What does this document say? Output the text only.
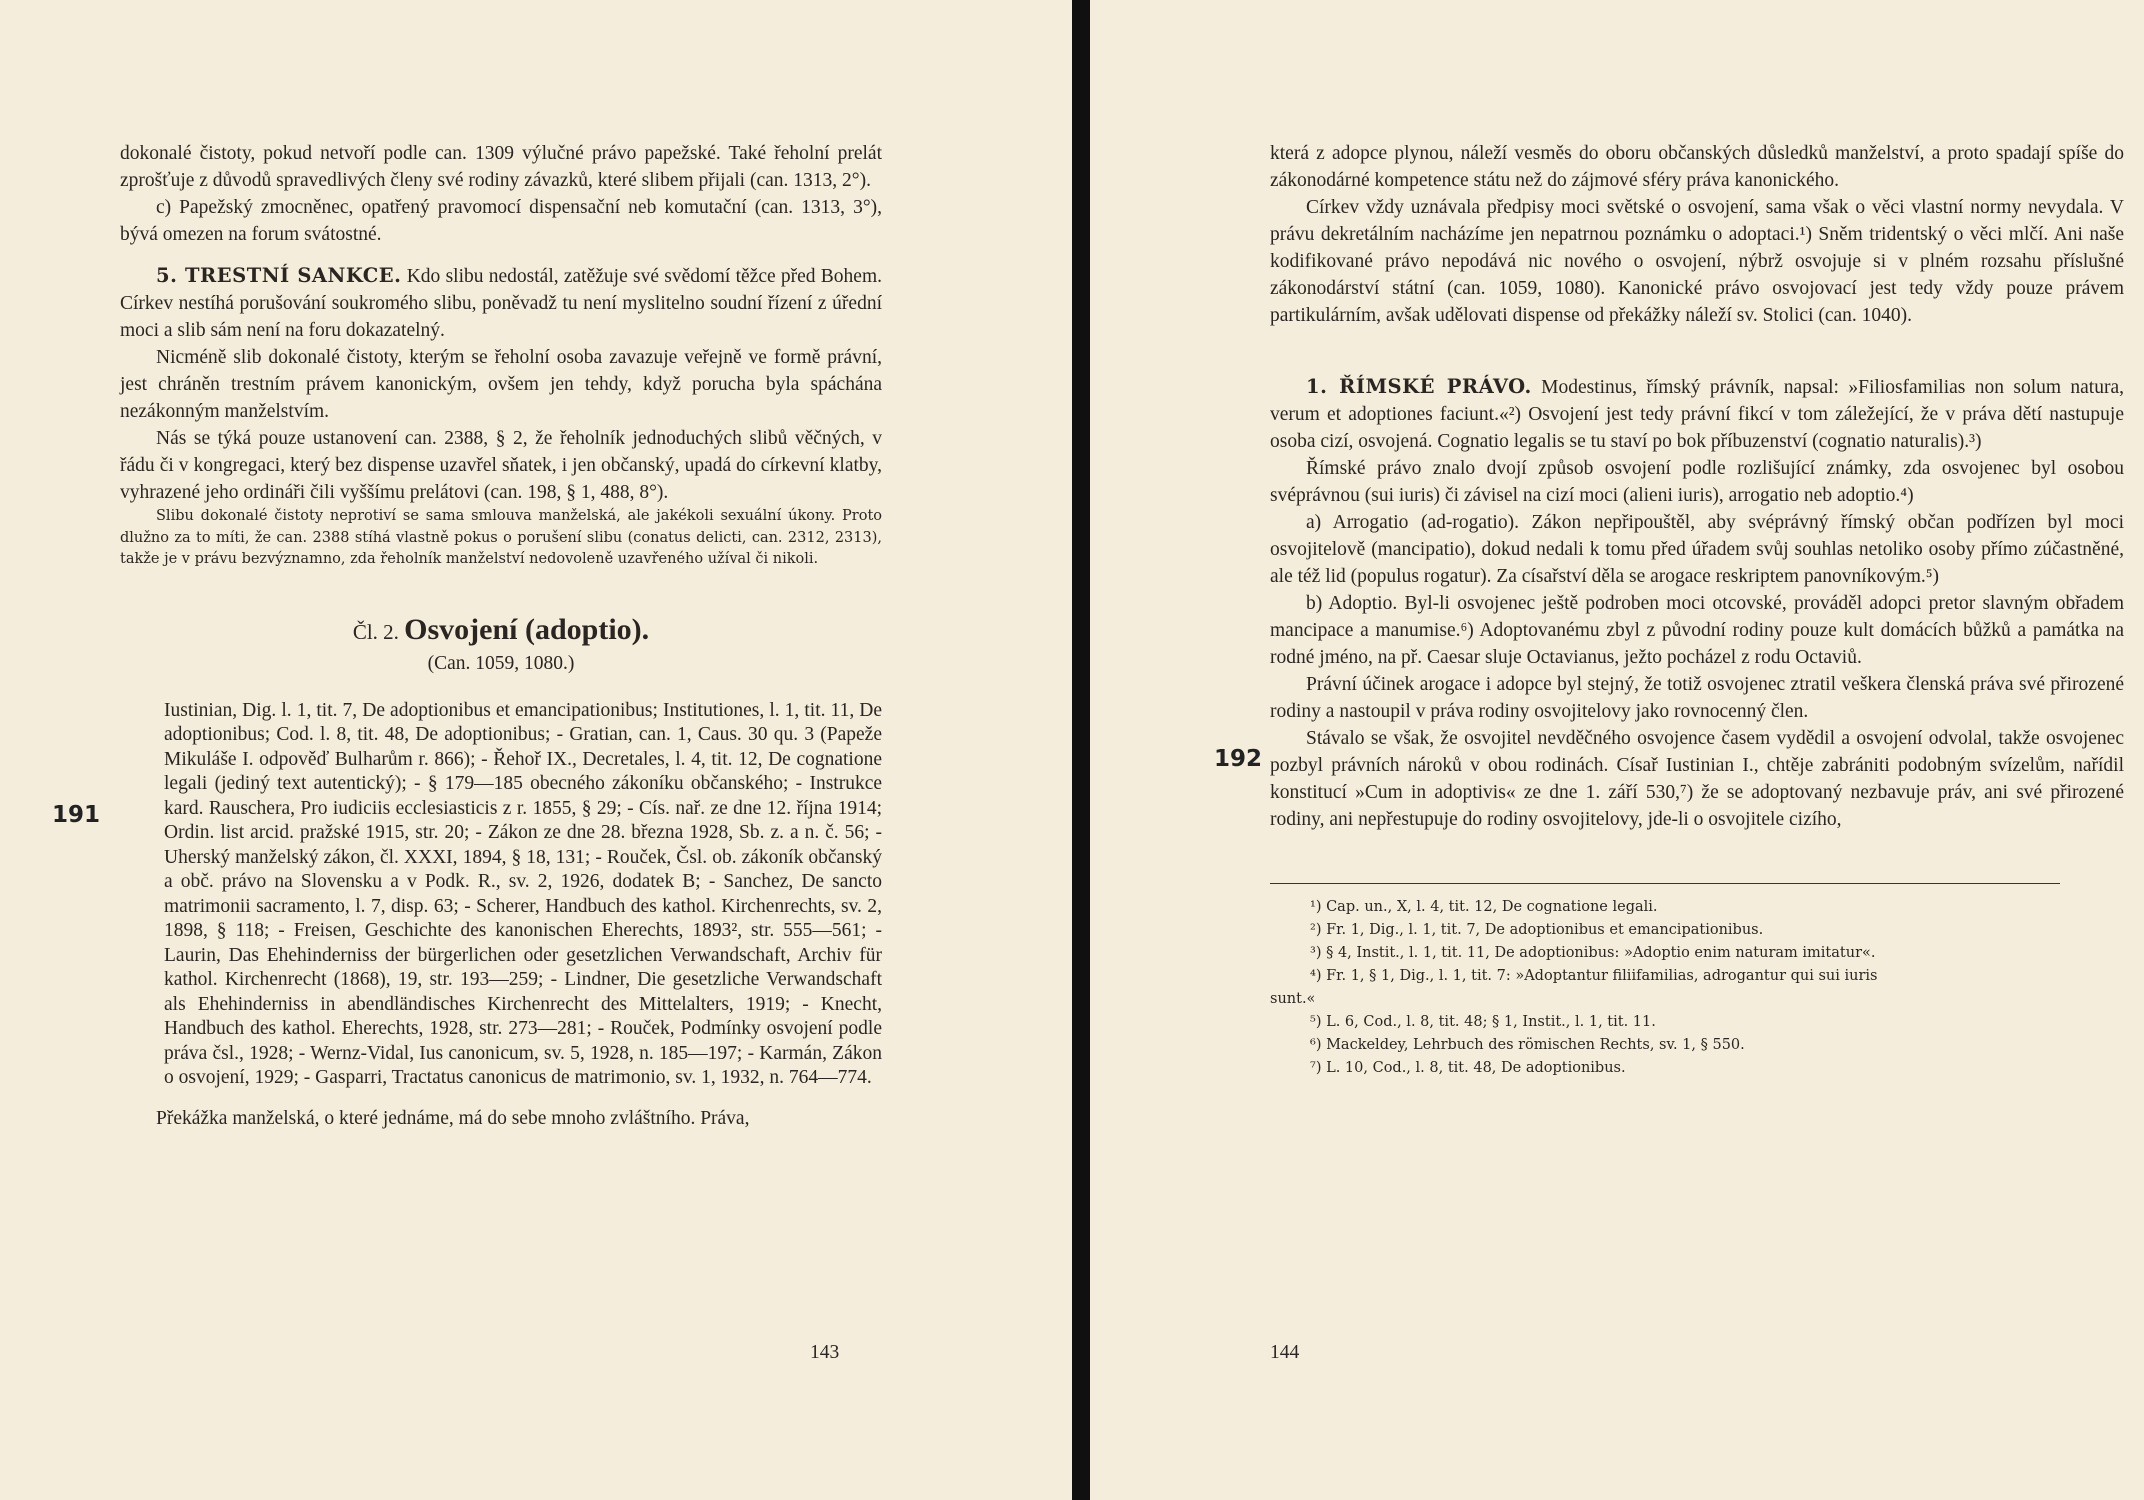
dokonalé čistoty, pokud netvoří podle can. 1309 výlučné právo papežské. Také řeholní prelát zprošťuje z důvodů spravedlivých členy své rodiny závazků, které slibem přijali (can. 1313, 2°).

c) Papežský zmocněnec, opatřený pravomocí dispensační neb komutační (can. 1313, 3°), bývá omezen na forum svátostné.

5. TRESTNÍ SANKCE. Kdo slibu nedostál, zatěžuje své svědomí těžce před Bohem. Církev nestíhá porušování soukromého slibu, poněvadž tu není myslitelno soudní řízení z úřední moci a slib sám není na foru dokazatelný.

Nicméně slib dokonalé čistoty, kterým se řeholní osoba zavazuje veřejně ve formě právní, jest chráněn trestním právem kanonickým, ovšem jen tehdy, když porucha byla spáchána nezákonným manželstvím.

Nás se týká pouze ustanovení can. 2388, § 2, že řeholník jednoduchých slibů věčných, v řádu či v kongregaci, který bez dispense uzavřel sňatek, i jen občanský, upadá do církevní klatby, vyhrazené jeho ordináři čili vyššímu prelátovi (can. 198, § 1, 488, 8°).

Slibu dokonalé čistoty neprotiví se sama smlouva manželská, ale jakékoli sexuální úkony. Proto dlužno za to míti, že can. 2388 stíhá vlastně pokus o porušení slibu (conatus delicti, can. 2312, 2313), takže je v právu bezvýznamno, zda řeholník manželství nedovoleně uzavřeného užíval či nikoli.

Čl. 2. Osvojení (adoptio).
(Can. 1059, 1080.)

Iustinian, Dig. l. 1, tit. 7, De adoptionibus et emancipationibus; Institutiones, l. 1, tit. 11, De adoptionibus; Cod. l. 8, tit. 48, De adoptionibus; - Gratian, can. 1, Caus. 30 qu. 3 (Papeže Mikuláše I. odpověď Bulharům r. 866); - Řehoř IX., Decretales, l. 4, tit. 12, De cognatione legali (jediný text autentický); - § 179—185 obecného zákoníku občanského; - Instrukce kard. Rauschera, Pro iudiciis ecclesiasticis z r. 1855, § 29; - Cís. nař. ze dne 12. října 1914; Ordin. list arcid. pražské 1915, str. 20; - Zákon ze dne 28. března 1928, Sb. z. a n. č. 56; - Uherský manželský zákon, čl. XXXI, 1894, § 18, 131; - Rouček, Čsl. ob. zákoník občanský a obč. právo na Slovensku a v Podk. R., sv. 2, 1926, dodatek B; - Sanchez, De sancto matrimonii sacramento, l. 7, disp. 63; - Scherer, Handbuch des kathol. Kirchenrechts, sv. 2, 1898, § 118; - Freisen, Geschichte des kanonischen Eherechts, 1893², str. 555—561; - Laurin, Das Ehehinderniss der bürgerlichen oder gesetzlichen Verwandschaft, Archiv für kathol. Kirchenrecht (1868), 19, str. 193—259; - Lindner, Die gesetzliche Verwandschaft als Ehehinderniss in abendländisches Kirchenrecht des Mittelalters, 1919; - Knecht, Handbuch des kathol. Eherechts, 1928, str. 273—281; - Rouček, Podmínky osvojení podle práva čsl., 1928; - Wernz-Vidal, Ius canonicum, sv. 5, 1928, n. 185—197; - Karmán, Zákon o osvojení, 1929; - Gasparri, Tractatus canonicus de matrimonio, sv. 1, 1932, n. 764—774.

Překážka manželská, o které jednáme, má do sebe mnoho zvláštního. Práva,

191
143

která z adopce plynou, náleží vesměs do oboru občanských důsledků manželství, a proto spadají spíše do zákonodárné kompetence státu než do zájmové sféry práva kanonického.

Církev vždy uznávala předpisy moci světské o osvojení, sama však o věci vlastní normy nevydala. V právu dekretálním nacházíme jen nepatrnou poznámku o adoptaci.¹) Sněm tridentský o věci mlčí. Ani naše kodifikované právo nepodává nic nového o osvojení, nýbrž osvojuje si v plném rozsahu příslušné zákonodárství státní (can. 1059, 1080). Kanonické právo osvojovací jest tedy vždy pouze právem partikulárním, avšak udělovati dispense od překážky náleží sv. Stolici (can. 1040).

1. ŘÍMSKÉ PRÁVO. Modestinus, římský právník, napsal: »Filiosfamilias non solum natura, verum et adoptiones faciunt.«²) Osvojení jest tedy právní fikcí v tom záležející, že v práva dětí nastupuje osoba cizí, osvojená. Cognatio legalis se tu staví po bok příbuzenství (cognatio naturalis).³)

Římské právo znalo dvojí způsob osvojení podle rozlišující známky, zda osvojenec byl osobou svéprávnou (sui iuris) či závisel na cizí moci (alieni iuris), arrogatio neb adoptio.⁴)

a) Arrogatio (ad-rogatio). Zákon nepřipouštěl, aby svéprávný římský občan podřízen byl moci osvojitelově (mancipatio), dokud nedali k tomu před úřadem svůj souhlas netoliko osoby přímo zúčastněné, ale též lid (populus rogatur). Za císařství děla se arogace reskriptem panovníkovým.⁵)

b) Adoptio. Byl-li osvojenec ještě podroben moci otcovské, prováděl adopci pretor slavným obřadem mancipace a manumise.⁶) Adoptovanému zbyl z původní rodiny pouze kult domácích bůžků a památka na rodné jméno, na př. Caesar sluje Octavianus, ježto pocházel z rodu Octaviů.

Právní účinek arogace i adopce byl stejný, že totiž osvojenec ztratil veškera členská práva své přirozené rodiny a nastoupil v práva rodiny osvojitelovy jako rovnocenný člen.

Stávalo se však, že osvojitel nevděčného osvojence časem vydědil a osvojení odvolal, takže osvojenec pozbyl právních nároků v obou rodinách. Císař Iustinian I., chtěje zabrániti podobným svízelům, nařídil konstitucí »Cum in adoptivis« ze dne 1. září 530,⁷) že se adoptovaný nezbavuje práv, ani své přirozené rodiny, ani nepřestupuje do rodiny osvojitelovy, jde-li o osvojitele cizího,

¹) Cap. un., X, l. 4, tit. 12, De cognatione legali.
²) Fr. 1, Dig., l. 1, tit. 7, De adoptionibus et emancipationibus.
³) § 4, Instit., l. 1, tit. 11, De adoptionibus: »Adoptio enim naturam imitatur«.
⁴) Fr. 1, § 1, Dig., l. 1, tit. 7: »Adoptantur filiifamilias, adrogantur qui sui iuris
sunt.«
⁵) L. 6, Cod., l. 8, tit. 48; § 1, Instit., l. 1, tit. 11.
⁶) Mackeldey, Lehrbuch des römischen Rechts, sv. 1, § 550.
⁷) L. 10, Cod., l. 8, tit. 48, De adoptionibus.
192
144
